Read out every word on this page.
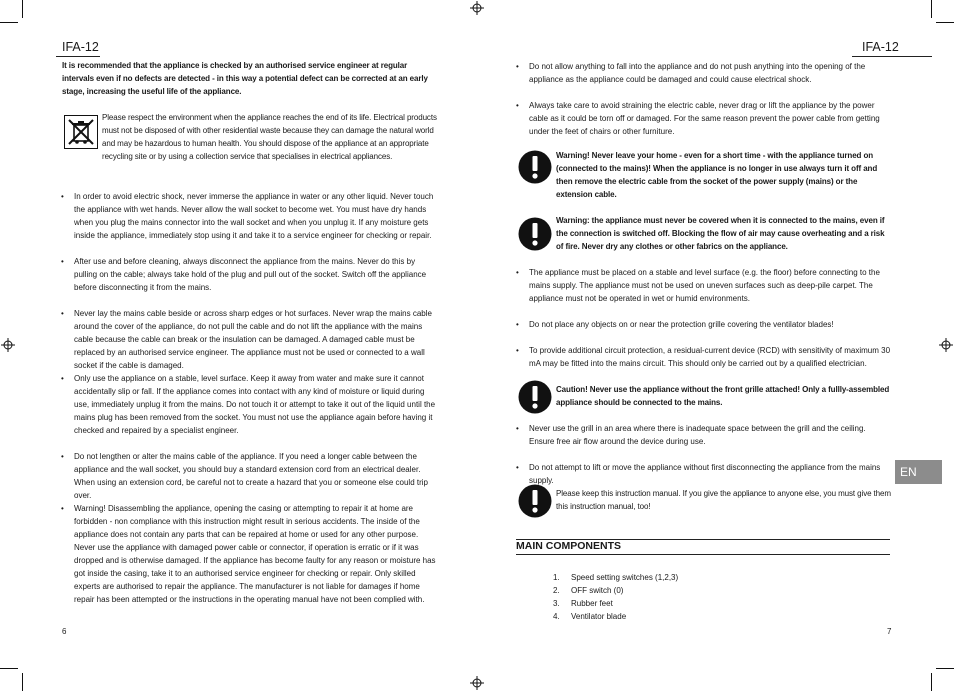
IFA-12
It is recommended that the appliance is checked by an authorised service engineer at regular intervals even if no defects are detected - in this way a potential defect can be corrected at an early stage, increasing the useful life of the appliance.
Please respect the environment when the appliance reaches the end of its life. Electrical products must not be disposed of with other residential waste because they can damage the natural world and may be hazardous to human health. You should dispose of the appliance at an appropriate recycling site or by using a collection service that specialises in electrical appliances.
• In order to avoid electric shock, never immerse the appliance in water or any other liquid. Never touch the appliance with wet hands. Never allow the wall socket to become wet. You must have dry hands when you plug the mains connector into the wall socket and when you unplug it. If any moisture gets inside the appliance, immediately stop using it and take it to a service engineer for checking or repair.
• After use and before cleaning, always disconnect the appliance from the mains. Never do this by pulling on the cable; always take hold of the plug and pull out of the socket. Switch off the appliance before disconnecting it from the mains.
• Never lay the mains cable beside or across sharp edges or hot surfaces. Never wrap the mains cable around the cover of the appliance, do not pull the cable and do not lift the appliance with the mains cable because the cable can break or the insulation can be damaged. A damaged cable must be replaced by an authorised service engineer. The appliance must not be used or connected to a wall socket if the cable is damaged.
• Only use the appliance on a stable, level surface. Keep it away from water and make sure it cannot accidentally slip or fall. If the appliance comes into contact with any kind of moisture or liquid during use, immediately unplug it from the mains. Do not touch it or attempt to take it out of the liquid until the mains plug has been removed from the socket. You must not use the appliance again before having it checked and repaired by a specialist engineer.
• Do not lengthen or alter the mains cable of the appliance. If you need a longer cable between the appliance and the wall socket, you should buy a standard extension cord from an electrical dealer. When using an extension cord, be careful not to create a hazard that you or someone else could trip over.
• Warning! Disassembling the appliance, opening the casing or attempting to repair it at home are forbidden - non compliance with this instruction might result in serious accidents. The inside of the appliance does not contain any parts that can be repaired at home or used for any other purpose. Never use the appliance with damaged power cable or connector, if operation is erratic or if it was dropped and is otherwise damaged. If the appliance has become faulty for any reason or moisture has got inside the casing, take it to an authorised service engineer for checking or repair. Only skilled experts are authorised to repair the appliance. The manufacturer is not liable for damages if home repair has been attempted or the instructions in the operating manual have not been complied with.
6
IFA-12
• Do not allow anything to fall into the appliance and do not push anything into the opening of the appliance as the appliance could be damaged and could cause electrical shock.
• Always take care to avoid straining the electric cable, never drag or lift the appliance by the power cable as it could be torn off or damaged. For the same reason prevent the power cable from getting under the feet of chairs or other furniture.
Warning! Never leave your home - even for a short time - with the appliance turned on (connected to the mains)! When the appliance is no longer in use always turn it off and then remove the electric cable from the socket of the power supply (mains) or the extension cable.
Warning: the appliance must never be covered when it is connected to the mains, even if the connection is switched off. Blocking the flow of air may cause overheating and a risk of fire. Never dry any clothes or other fabrics on the appliance.
• The appliance must be placed on a stable and level surface (e.g. the floor) before connecting to the mains supply. The appliance must not be used on uneven surfaces such as deep-pile carpet. The appliance must not be operated in wet or humid environments.
• Do not place any objects on or near the protection grille covering the ventilator blades!
• To provide additional circuit protection, a residual-current device (RCD) with sensitivity of maximum 30 mA may be fitted into the mains circuit. This should only be carried out by a qualified electrician.
Caution! Never use the appliance without the front grille attached! Only a fullly-assembled appliance should be connected to the mains.
• Never use the grill in an area where there is inadequate space between the grill and the ceiling. Ensure free air flow around the device during use.
• Do not attempt to lift or move the appliance without first disconnecting the appliance from the mains supply.
Please keep this instruction manual. If you give the appliance to anyone else, you must give them this instruction manual, too!
MAIN COMPONENTS
1. Speed setting switches (1,2,3)
2. OFF switch (0)
3. Rubber feet
4. Ventilator blade
7
EN
